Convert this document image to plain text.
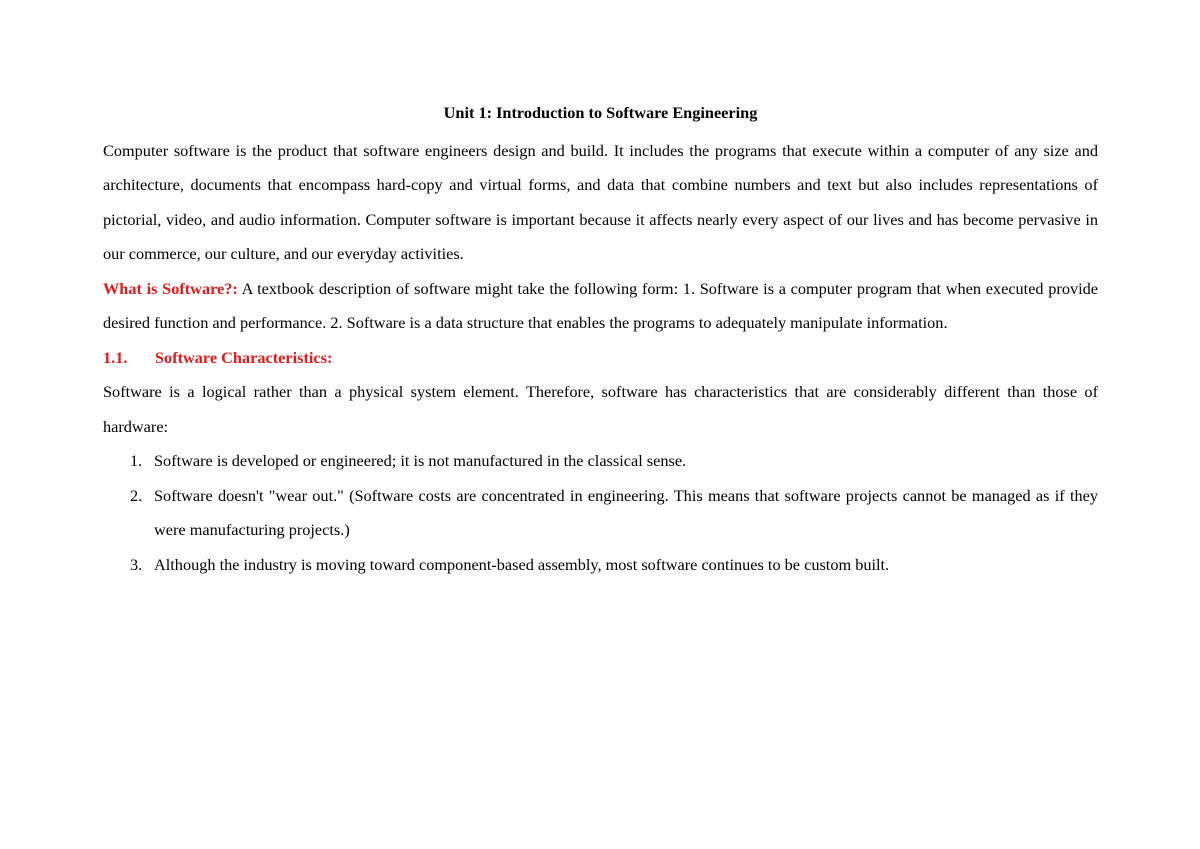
Unit 1: Introduction to Software Engineering

Computer software is the product that software engineers design and build. It includes the programs that execute within a computer of any size and architecture, documents that encompass hard-copy and virtual forms, and data that combine numbers and text but also includes representations of pictorial, video, and audio information. Computer software is important because it affects nearly every aspect of our lives and has become pervasive in our commerce, our culture, and our everyday activities.

What is Software?: A textbook description of software might take the following form: 1. Software is a computer program that when executed provide desired function and performance. 2. Software is a data structure that enables the programs to adequately manipulate information.

1.1. Software Characteristics:

Software is a logical rather than a physical system element. Therefore, software has characteristics that are considerably different than those of hardware:

1. Software is developed or engineered; it is not manufactured in the classical sense.
2. Software doesn't "wear out." (Software costs are concentrated in engineering. This means that software projects cannot be managed as if they were manufacturing projects.)
3. Although the industry is moving toward component-based assembly, most software continues to be custom built.
